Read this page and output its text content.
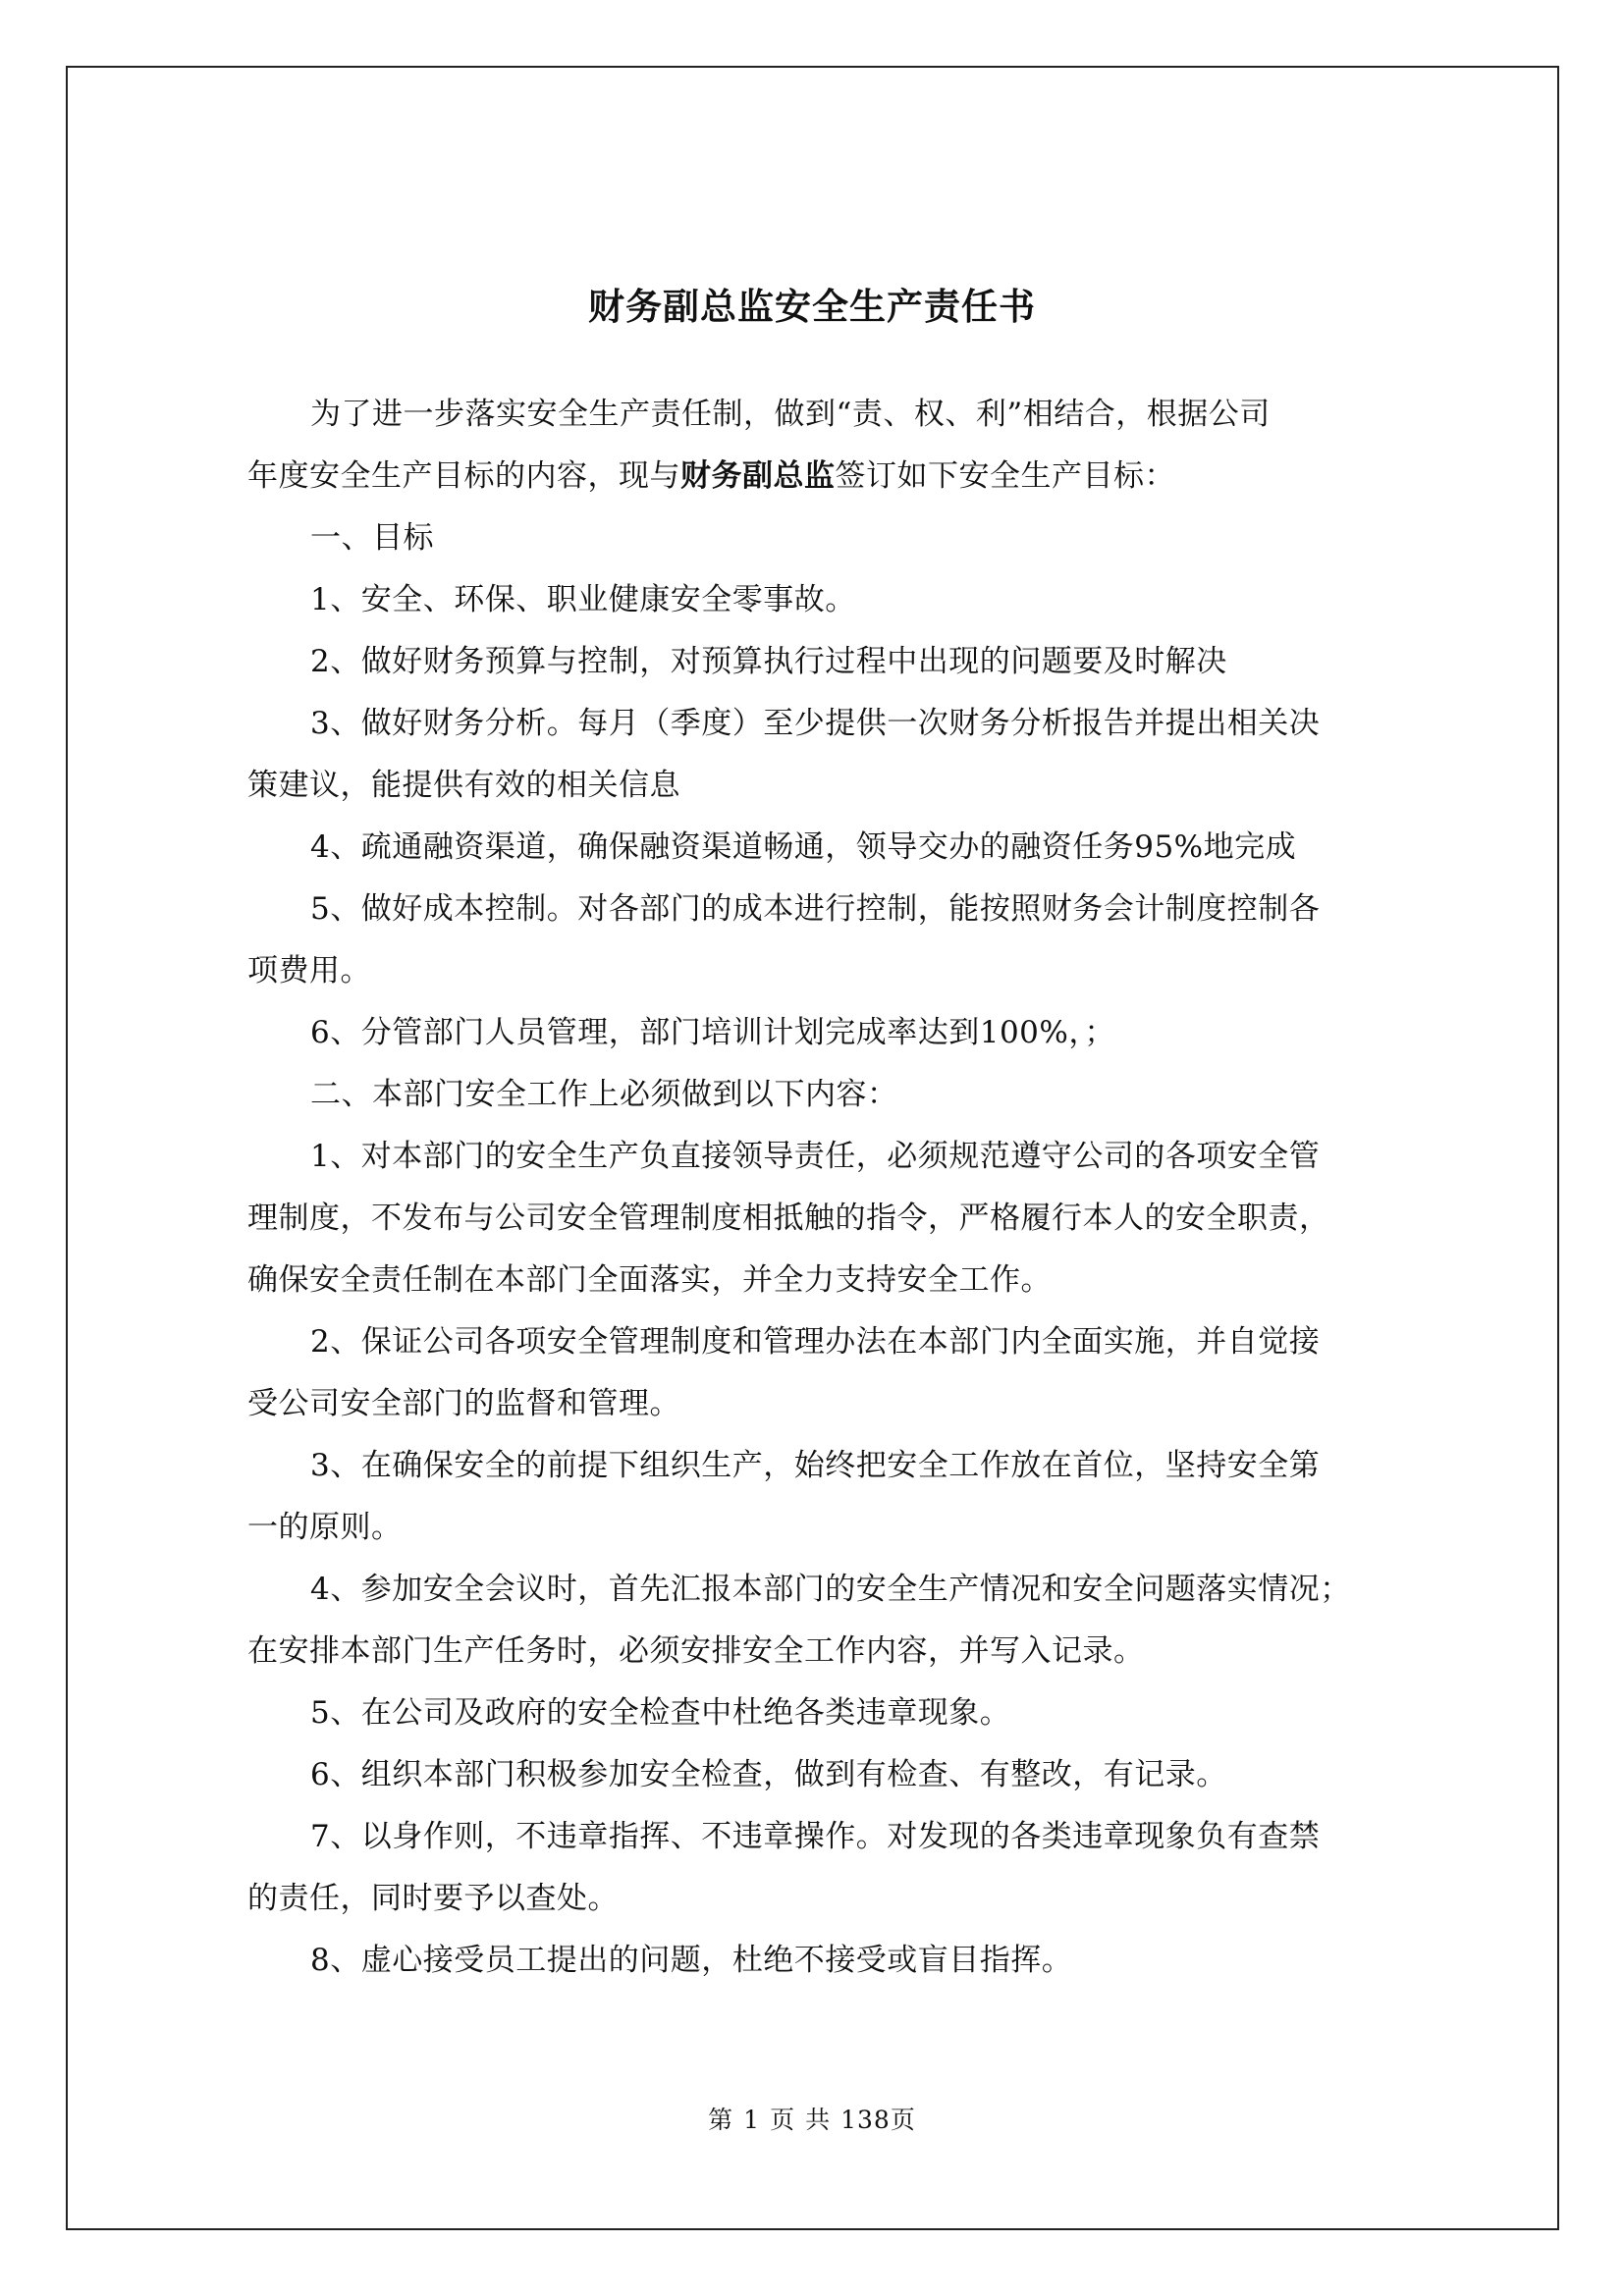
财务副总监安全生产责任书

为了进一步落实安全生产责任制，做到“责、权、利”相结合，根据公司
年度安全生产目标的内容，现与财务副总监签订如下安全生产目标：

一、目标

1、安全、环保、职业健康安全零事故。

2、做好财务预算与控制，对预算执行过程中出现的问题要及时解决

3、做好财务分析。每月（季度）至少提供一次财务分析报告并提出相关决
策建议，能提供有效的相关信息

4、疏通融资渠道，确保融资渠道畅通，领导交办的融资任务95%地完成

5、做好成本控制。对各部门的成本进行控制，能按照财务会计制度控制各
项费用。

6、分管部门人员管理，部门培训计划完成率达到100%，；

二、本部门安全工作上必须做到以下内容：

1、对本部门的安全生产负直接领导责任，必须规范遵守公司的各项安全管
理制度，不发布与公司安全管理制度相抵触的指令，严格履行本人的安全职责，
确保安全责任制在本部门全面落实，并全力支持安全工作。

2、保证公司各项安全管理制度和管理办法在本部门内全面实施，并自觉接
受公司安全部门的监督和管理。

3、在确保安全的前提下组织生产，始终把安全工作放在首位，坚持安全第
一的原则。

4、参加安全会议时，首先汇报本部门的安全生产情况和安全问题落实情况；
在安排本部门生产任务时，必须安排安全工作内容，并写入记录。

5、在公司及政府的安全检查中杜绝各类违章现象。

6、组织本部门积极参加安全检查，做到有检查、有整改，有记录。

7、以身作则，不违章指挥、不违章操作。对发现的各类违章现象负有查禁
的责任，同时要予以查处。

8、虚心接受员工提出的问题，杜绝不接受或盲目指挥。

第 1 页 共 138页
